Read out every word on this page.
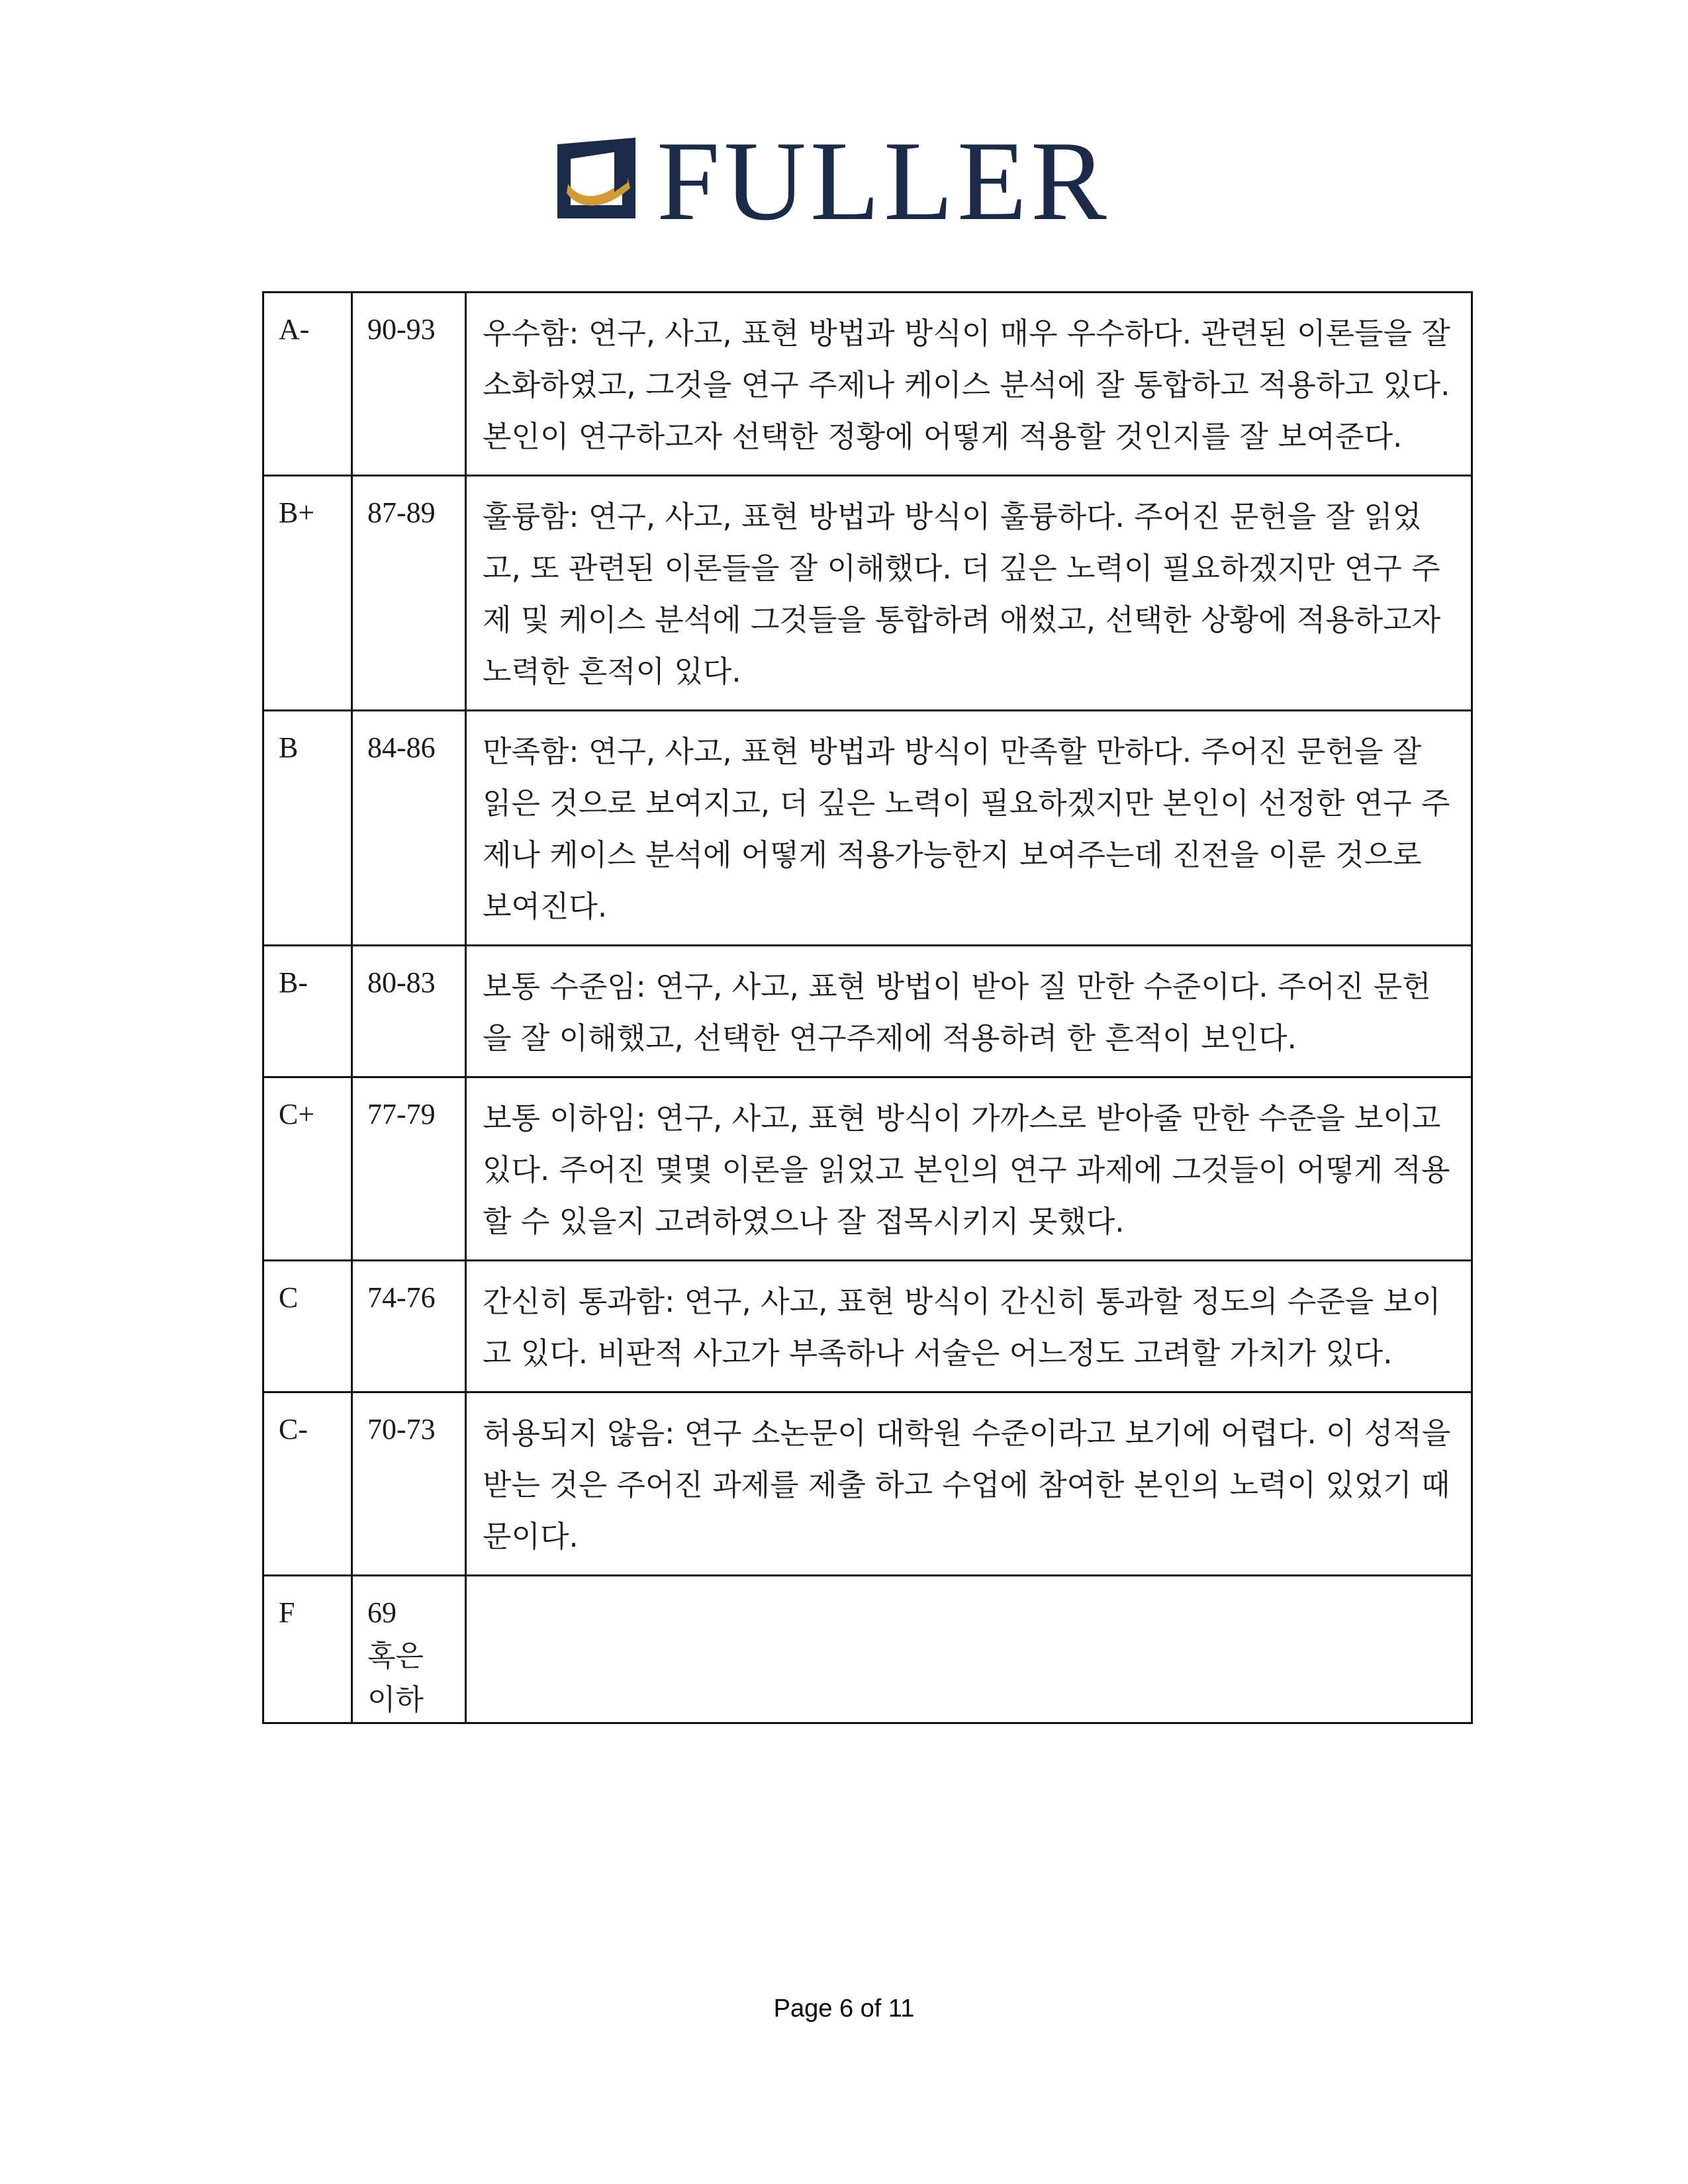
FULLER
A-	90-93	우수함: 연구, 사고, 표현 방법과 방식이 매우 우수하다. 관련된 이론들을 잘 소화하였고, 그것을 연구 주제나 케이스 분석에 잘 통합하고 적용하고 있다. 본인이 연구하고자 선택한 정황에 어떻게 적용할 것인지를 잘 보여준다.
B+	87-89	훌륭함: 연구, 사고, 표현 방법과 방식이 훌륭하다. 주어진 문헌을 잘 읽었고, 또 관련된 이론들을 잘 이해했다. 더 깊은 노력이 필요하겠지만 연구 주제 및 케이스 분석에 그것들을 통합하려 애썼고, 선택한 상황에 적용하고자 노력한 흔적이 있다.
B	84-86	만족함: 연구, 사고, 표현 방법과 방식이 만족할 만하다. 주어진 문헌을 잘 읽은 것으로 보여지고, 더 깊은 노력이 필요하겠지만 본인이 선정한 연구 주제나 케이스 분석에 어떻게 적용가능한지 보여주는데 진전을 이룬 것으로 보여진다.
B-	80-83	보통 수준임: 연구, 사고, 표현 방법이 받아 질 만한 수준이다. 주어진 문헌을 잘 이해했고, 선택한 연구주제에 적용하려 한 흔적이 보인다.
C+	77-79	보통 이하임: 연구, 사고, 표현 방식이 가까스로 받아줄 만한 수준을 보이고 있다. 주어진 몇몇 이론을 읽었고 본인의 연구 과제에 그것들이 어떻게 적용할 수 있을지 고려하였으나 잘 접목시키지 못했다.
C	74-76	간신히 통과함: 연구, 사고, 표현 방식이 간신히 통과할 정도의 수준을 보이고 있다. 비판적 사고가 부족하나 서술은 어느정도 고려할 가치가 있다.
C-	70-73	허용되지 않음: 연구 소논문이 대학원 수준이라고 보기에 어렵다. 이 성적을 받는 것은 주어진 과제를 제출 하고 수업에 참여한 본인의 노력이 있었기 때문이다.
F	69
혹은
이하	

Page 6 of 11
